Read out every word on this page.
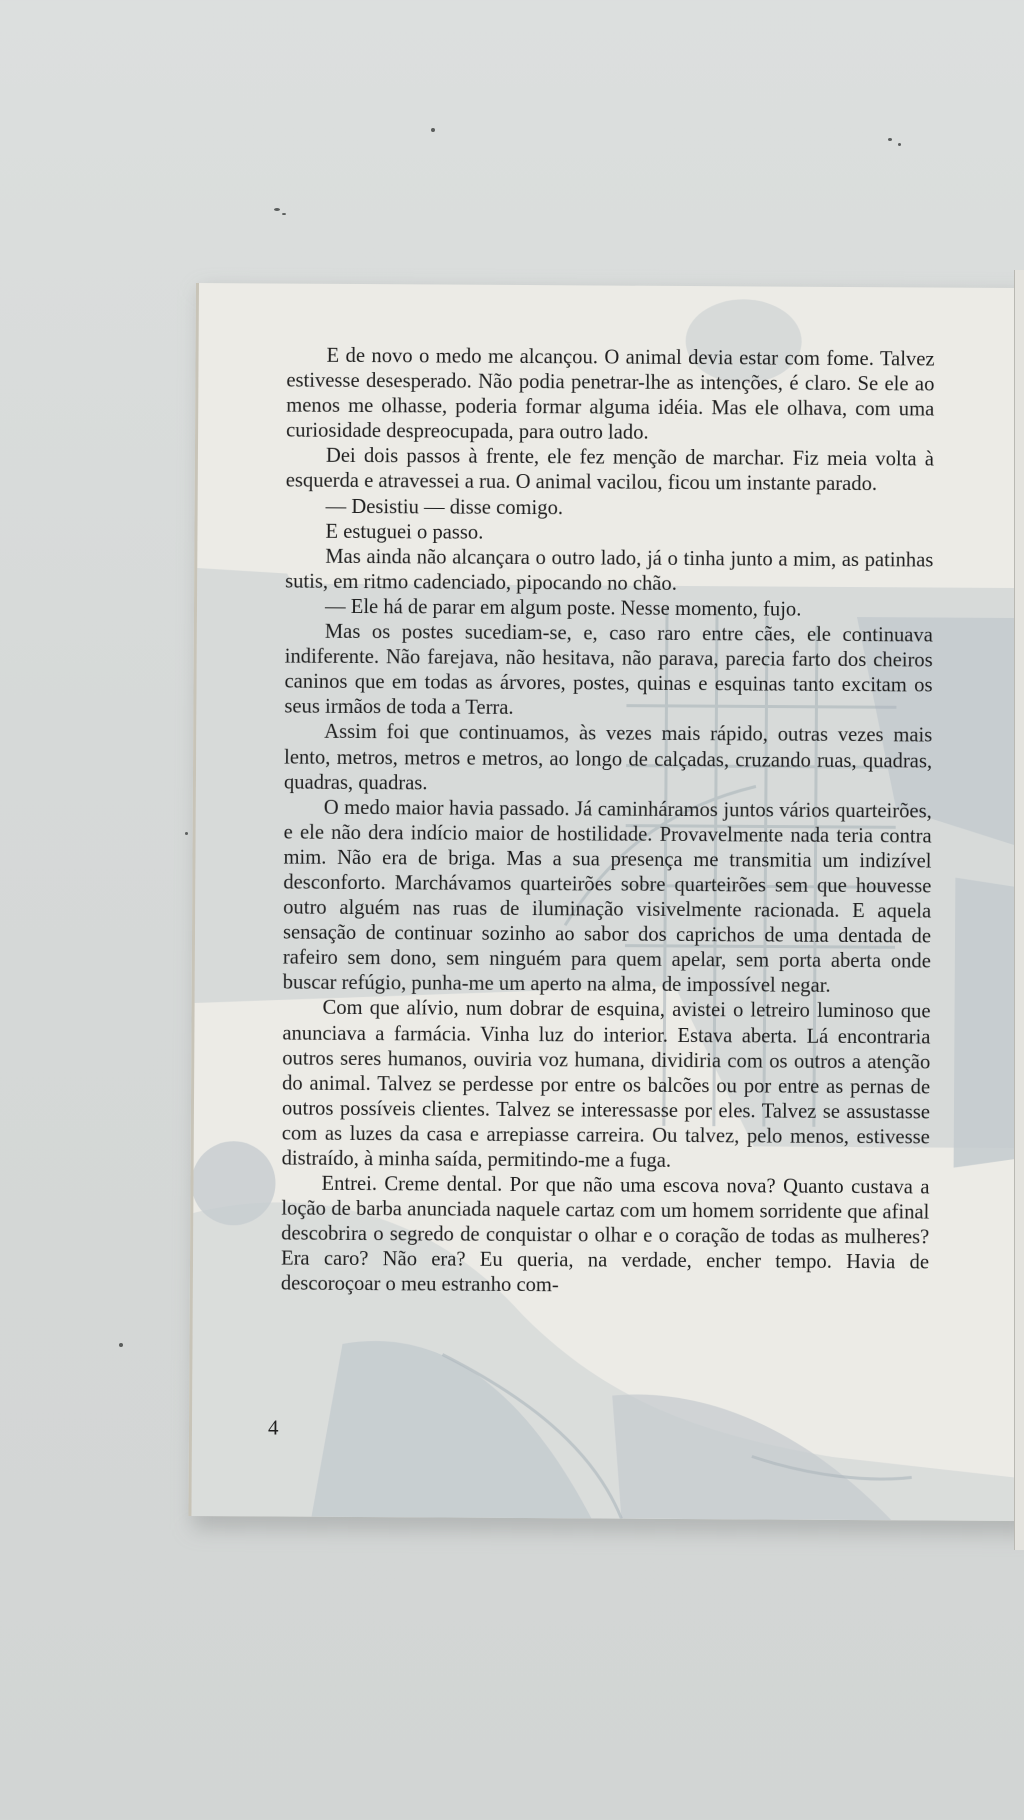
E de novo o medo me alcançou. O animal devia estar com fome. Talvez estivesse desesperado. Não podia penetrar-lhe as intenções, é claro. Se ele ao menos me olhasse, poderia formar alguma idéia. Mas ele olhava, com uma curiosidade despreocupada, para outro lado.

Dei dois passos à frente, ele fez menção de marchar. Fiz meia volta à esquerda e atravessei a rua. O animal vacilou, ficou um instante parado.

— Desistiu — disse comigo.

E estuguei o passo.

Mas ainda não alcançara o outro lado, já o tinha junto a mim, as patinhas sutis, em ritmo cadenciado, pipocando no chão.

— Ele há de parar em algum poste. Nesse momento, fujo.

Mas os postes sucediam-se, e, caso raro entre cães, ele continuava indiferente. Não farejava, não hesitava, não parava, parecia farto dos cheiros caninos que em todas as árvores, postes, quinas e esquinas tanto excitam os seus irmãos de toda a Terra.

Assim foi que continuamos, às vezes mais rápido, outras vezes mais lento, metros, metros e metros, ao longo de calçadas, cruzando ruas, quadras, quadras, quadras.

O medo maior havia passado. Já caminháramos juntos vários quarteirões, e ele não dera indício maior de hostilidade. Provavelmente nada teria contra mim. Não era de briga. Mas a sua presença me transmitia um indizível desconforto. Marchávamos quarteirões sobre quarteirões sem que houvesse outro alguém nas ruas de iluminação visivelmente racionada. E aquela sensação de continuar sozinho ao sabor dos caprichos de uma dentada de rafeiro sem dono, sem ninguém para quem apelar, sem porta aberta onde buscar refúgio, punha-me um aperto na alma, de impossível negar.

Com que alívio, num dobrar de esquina, avistei o letreiro luminoso que anunciava a farmácia. Vinha luz do interior. Estava aberta. Lá encontraria outros seres humanos, ouviria voz humana, dividiria com os outros a atenção do animal. Talvez se perdesse por entre os balcões ou por entre as pernas de outros possíveis clientes. Talvez se interessasse por eles. Talvez se assustasse com as luzes da casa e arrepiasse carreira. Ou talvez, pelo menos, estivesse distraído, à minha saída, permitindo-me a fuga.

Entrei. Creme dental. Por que não uma escova nova? Quanto custava a loção de barba anunciada naquele cartaz com um homem sorridente que afinal descobrira o segredo de conquistar o olhar e o coração de todas as mulheres? Era caro? Não era? Eu queria, na verdade, encher tempo. Havia de descoroçoar o meu estranho com-

4
